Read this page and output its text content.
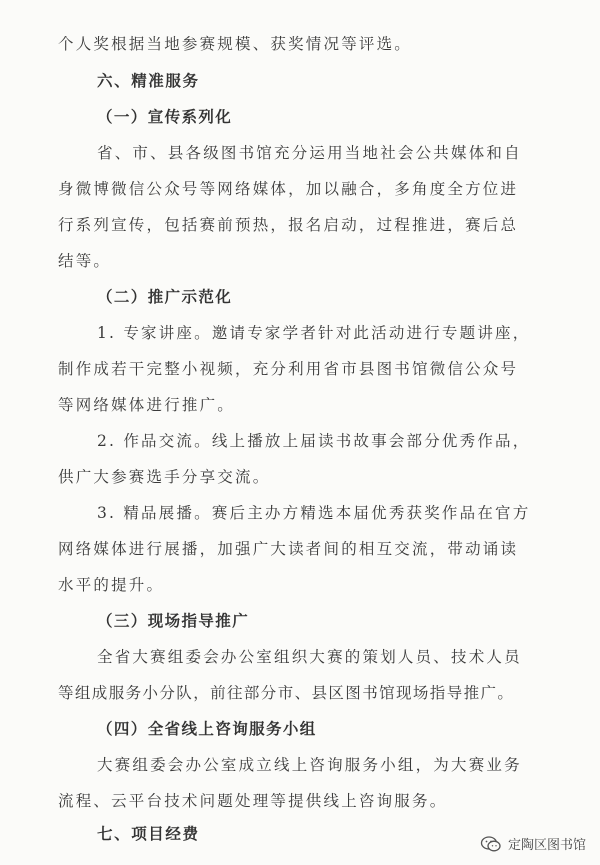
个人奖根据当地参赛规模、获奖情况等评选。
六、精准服务
（一）宣传系列化
省、市、县各级图书馆充分运用当地社会公共媒体和自
身微博微信公众号等网络媒体，加以融合，多角度全方位进
行系列宣传，包括赛前预热，报名启动，过程推进，赛后总
结等。
（二）推广示范化
1. 专家讲座。邀请专家学者针对此活动进行专题讲座，
制作成若干完整小视频，充分利用省市县图书馆微信公众号
等网络媒体进行推广。
2. 作品交流。线上播放上届读书故事会部分优秀作品，
供广大参赛选手分享交流。
3. 精品展播。赛后主办方精选本届优秀获奖作品在官方
网络媒体进行展播，加强广大读者间的相互交流，带动诵读
水平的提升。
（三）现场指导推广
全省大赛组委会办公室组织大赛的策划人员、技术人员
等组成服务小分队，前往部分市、县区图书馆现场指导推广。
（四）全省线上咨询服务小组
大赛组委会办公室成立线上咨询服务小组，为大赛业务
流程、云平台技术问题处理等提供线上咨询服务。
七、项目经费
定陶区图书馆
